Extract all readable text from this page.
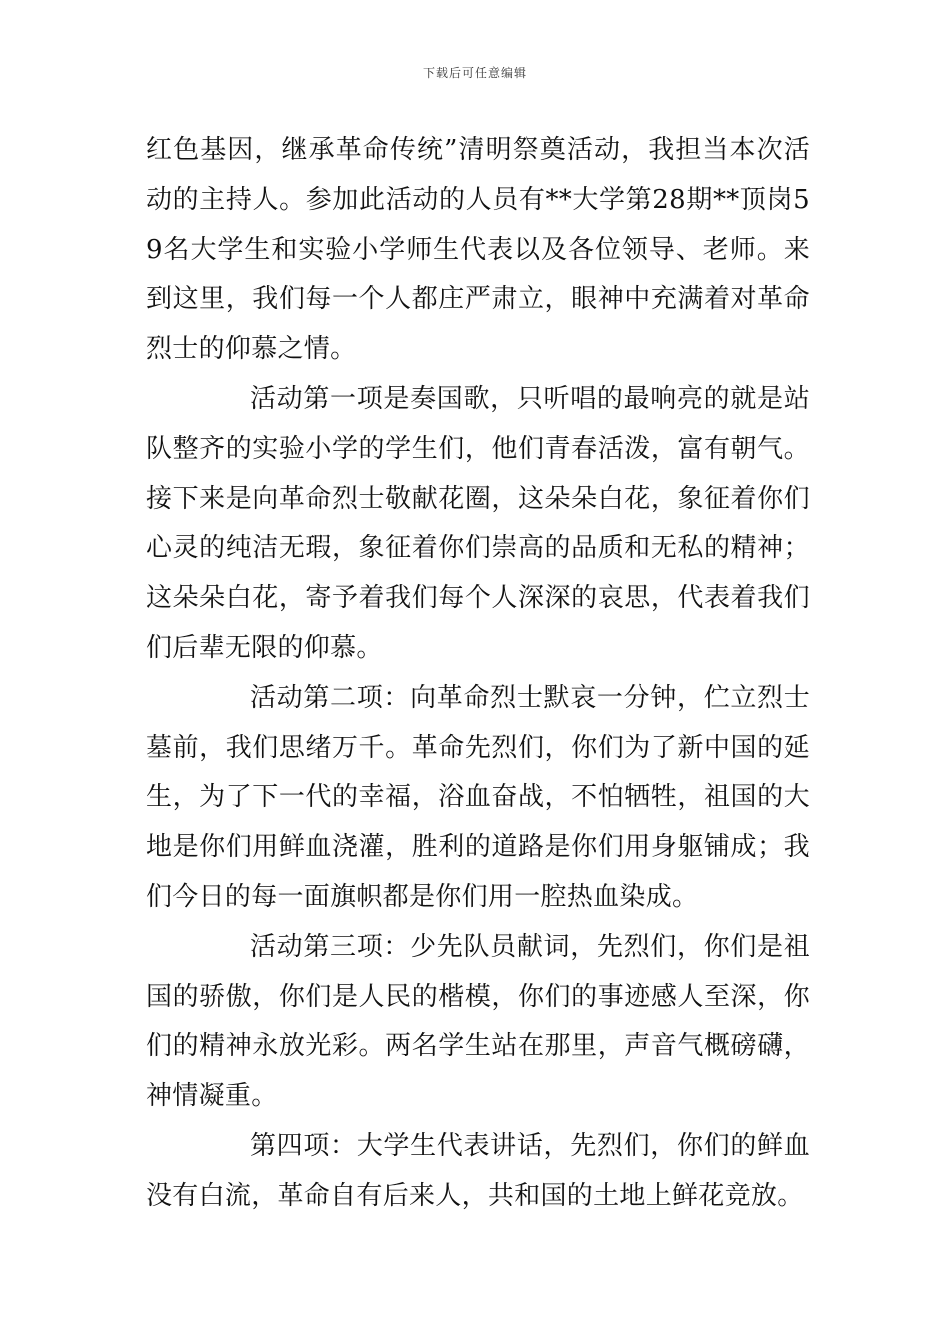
下载后可任意编辑

红色基因，继承革命传统”清明祭奠活动，我担当本次活动的主持人。参加此活动的人员有**大学第28期**顶岗59名大学生和实验小学师生代表以及各位领导、老师。来到这里，我们每一个人都庄严肃立，眼神中充满着对革命烈士的仰慕之情。

活动第一项是奏国歌，只听唱的最响亮的就是站队整齐的实验小学的学生们，他们青春活泼，富有朝气。接下来是向革命烈士敬献花圈，这朵朵白花，象征着你们心灵的纯洁无瑕，象征着你们崇高的品质和无私的精神；这朵朵白花，寄予着我们每个人深深的哀思，代表着我们们后辈无限的仰慕。

活动第二项：向革命烈士默哀一分钟，伫立烈士墓前，我们思绪万千。革命先烈们，你们为了新中国的延生，为了下一代的幸福，浴血奋战，不怕牺牲，祖国的大地是你们用鲜血浇灌，胜利的道路是你们用身躯铺成；我们今日的每一面旗帜都是你们用一腔热血染成。

活动第三项：少先队员献词，先烈们，你们是祖国的骄傲，你们是人民的楷模，你们的事迹感人至深，你们的精神永放光彩。两名学生站在那里，声音气概磅礴，神情凝重。

第四项：大学生代表讲话，先烈们，你们的鲜血没有白流，革命自有后来人，共和国的土地上鲜花竞放。
